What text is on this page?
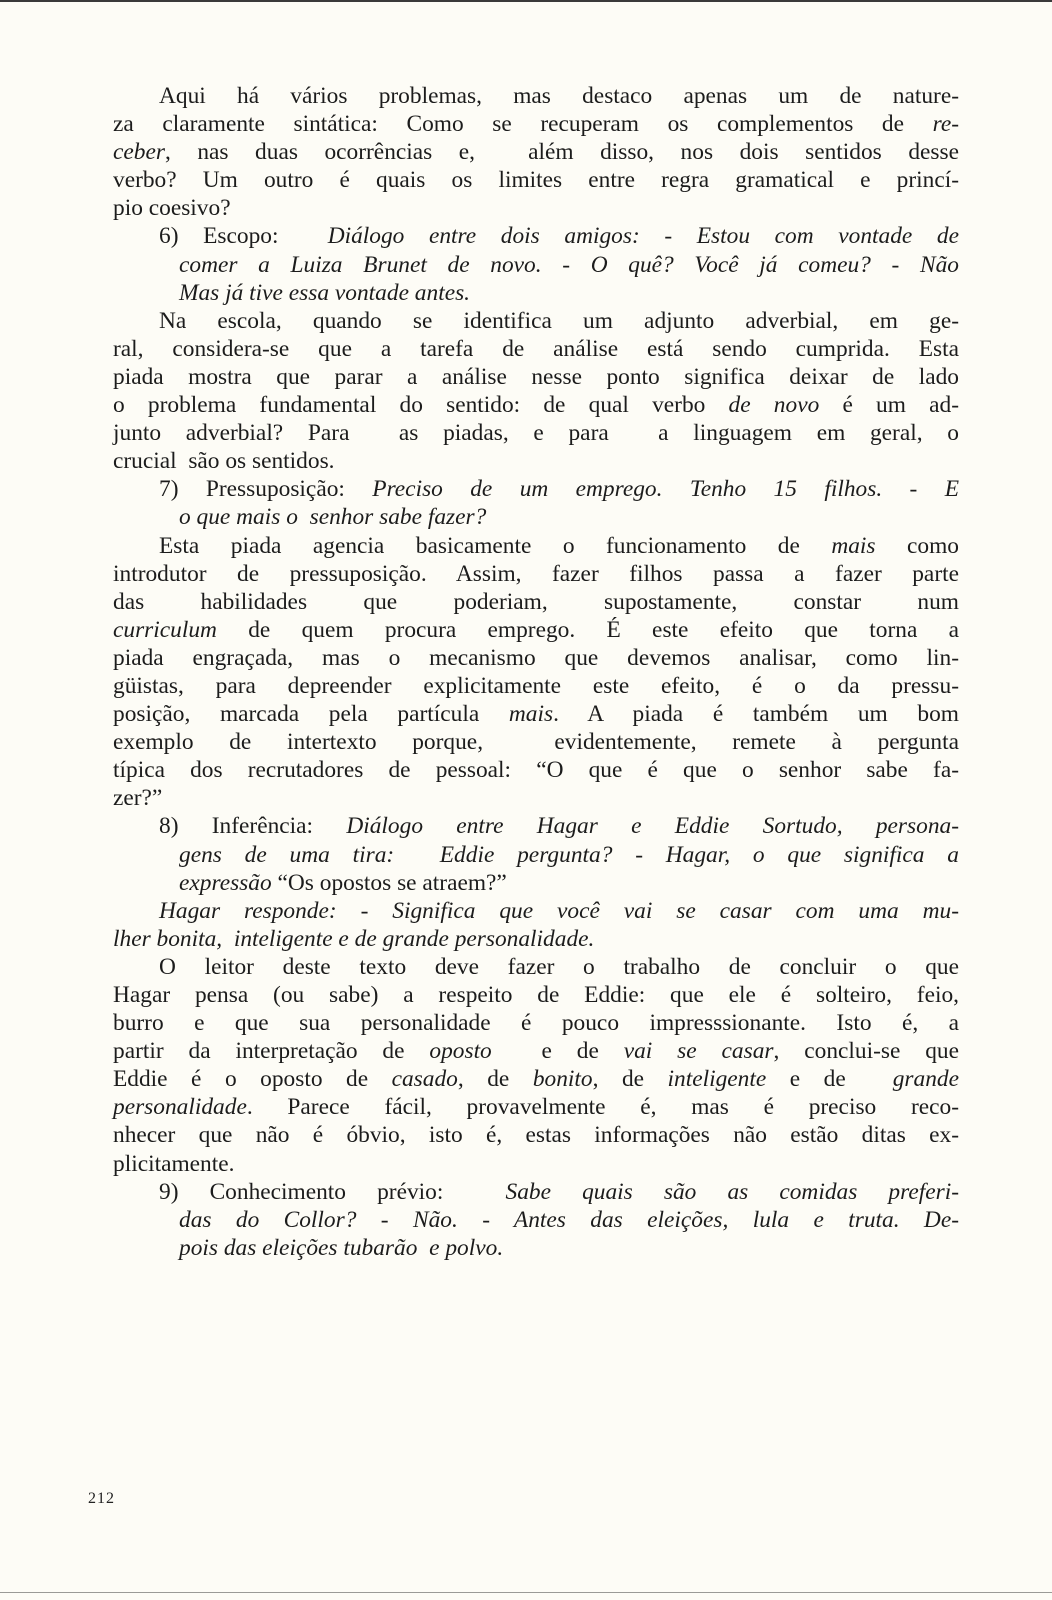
Aqui há vários problemas, mas destaco apenas um de nature-
za claramente sintática: Como se recuperam os complementos de re-
ceber, nas duas ocorrências e,  além disso, nos dois sentidos desse
verbo? Um outro é quais os limites entre regra gramatical e princí-
pio coesivo?
6) Escopo:  Diálogo entre dois amigos: - Estou com vontade de
comer a Luiza Brunet de novo. - O quê? Você já comeu? - Não
Mas já tive essa vontade antes.
Na escola, quando se identifica um adjunto adverbial, em ge-
ral, considera-se que a tarefa de análise está sendo cumprida. Esta
piada mostra que parar a análise nesse ponto significa deixar de lado
o problema fundamental do sentido: de qual verbo de novo é um ad-
junto adverbial? Para  as piadas, e para  a linguagem em geral, o
crucial  são os sentidos.
7) Pressuposição: Preciso de um emprego. Tenho 15 filhos. - E
o que mais o  senhor sabe fazer?
Esta piada agencia basicamente o funcionamento de mais como
introdutor de pressuposição. Assim, fazer filhos passa a fazer parte
das habilidades que poderiam, supostamente, constar num
curriculum de quem procura emprego. É este efeito que torna a
piada engraçada, mas o mecanismo que devemos analisar, como lin-
güistas, para depreender explicitamente este efeito, é o da pressu-
posição, marcada pela partícula mais. A piada é também um bom
exemplo de intertexto porque,  evidentemente, remete à pergunta
típica dos recrutadores de pessoal: “O que é que o senhor sabe fa-
zer?”
8) Inferência: Diálogo entre Hagar e Eddie Sortudo, persona-
gens de uma tira:  Eddie pergunta? - Hagar, o que significa a
expressão “Os opostos se atraem?”
Hagar responde: - Significa que você vai se casar com uma mu-
lher bonita,  inteligente e de grande personalidade.
O leitor deste texto deve fazer o trabalho de concluir o que
Hagar pensa (ou sabe) a respeito de Eddie: que ele é solteiro, feio,
burro e que sua personalidade é pouco impresssionante. Isto é, a
partir da interpretação de oposto  e de vai se casar, conclui-se que
Eddie é o oposto de casado, de bonito, de inteligente e de  grande
personalidade. Parece fácil, provavelmente é, mas é preciso reco-
nhecer que não é óbvio, isto é, estas informações não estão ditas ex-
plicitamente.
9) Conhecimento prévio:  Sabe quais são as comidas preferi-
das do Collor? - Não. - Antes das eleições, lula e truta. De-
pois das eleições tubarão  e polvo.
212
